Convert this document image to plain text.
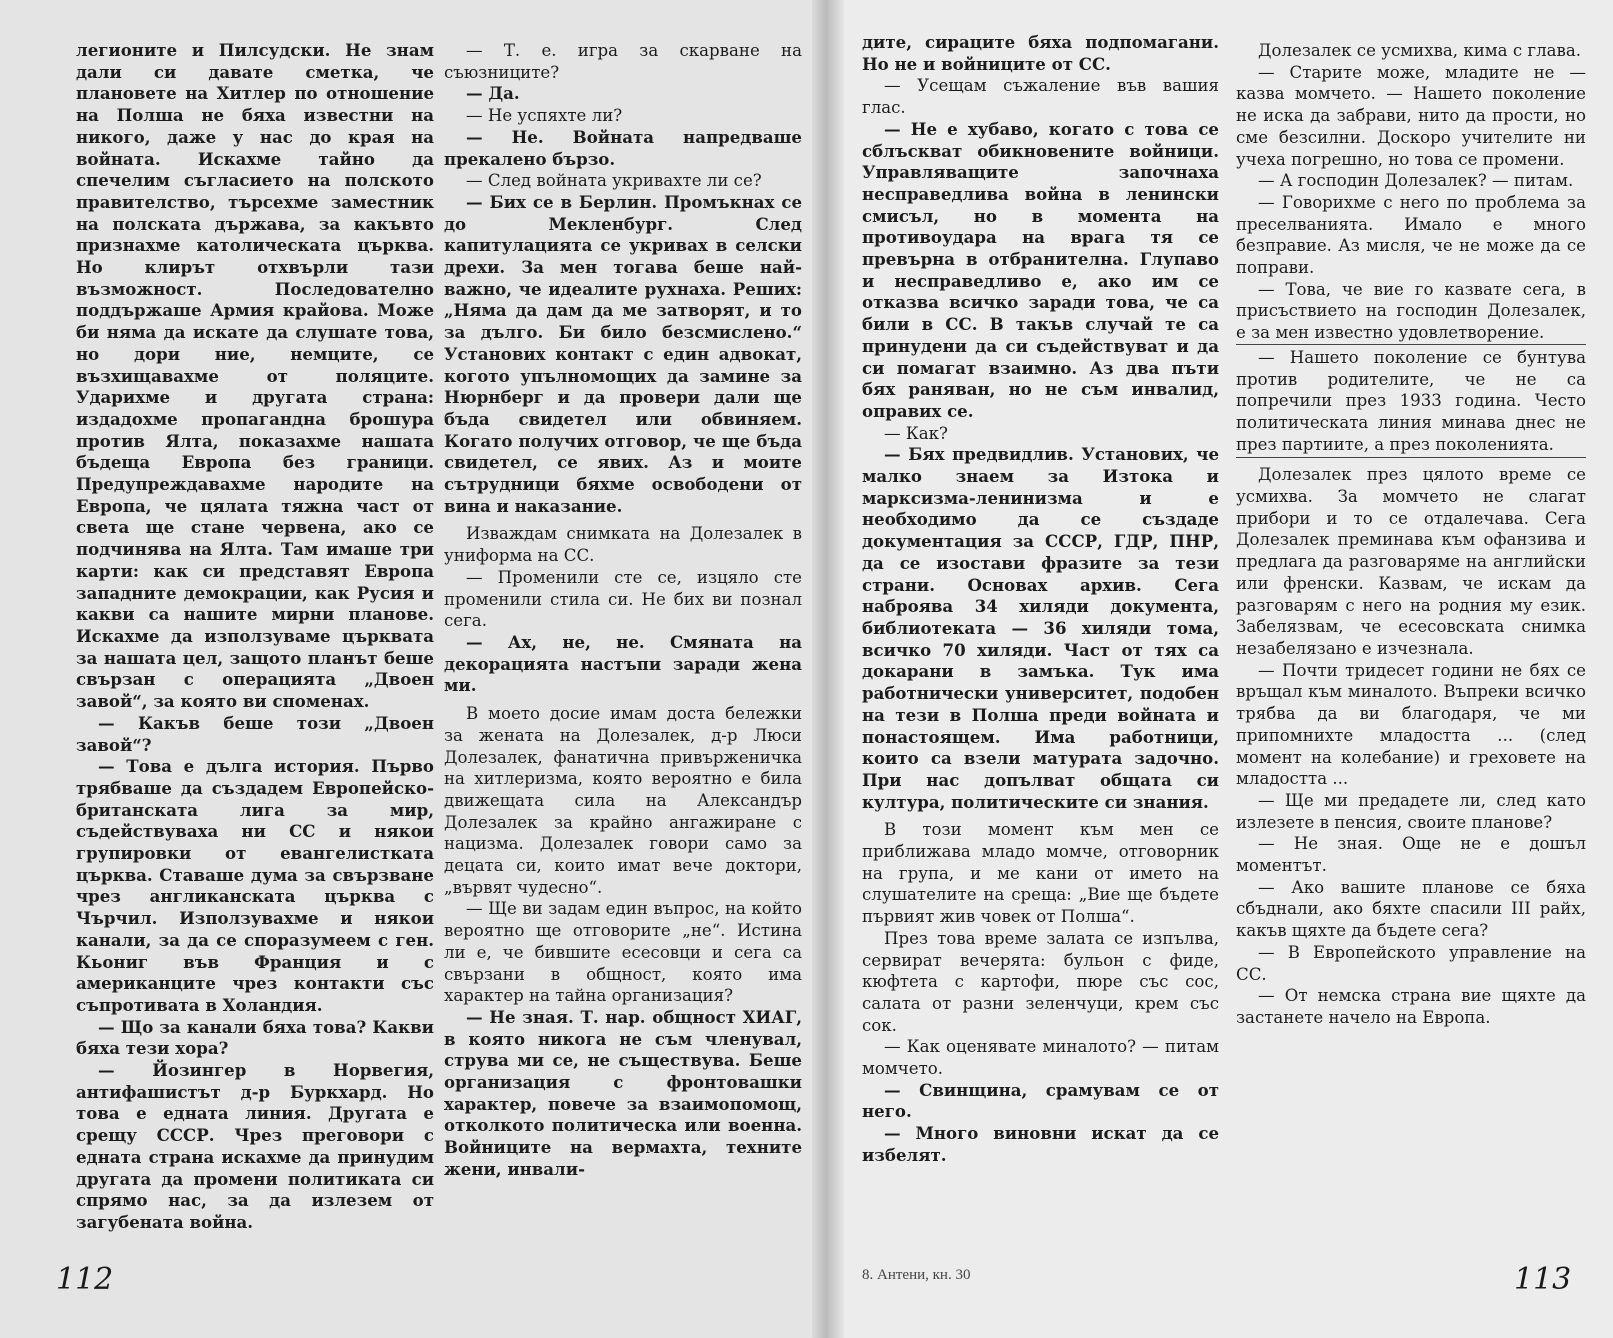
легионите и Пилсудски. Не знам дали си давате сметка, че плановете на Хитлер по отношение на Полша не бяха известни на никого, даже у нас до края на войната. Искахме тайно да спечелим съгласието на полското правителство, търсехме заместник на полската държава, за какъвто признахме католическата църква. Но клирът отхвърли тази възможност. Последователно поддържаше Армия крайова. Може би няма да искате да слушате това, но дори ние, немците, се възхищавахме от поляците. Ударихме и другата страна: издадохме пропагандна брошура против Ялта, показахме нашата бъдеща Европа без граници. Предупреждавахме народите на Европа, че цялата тяжна част от света ще стане червена, ако се подчинява на Ялта. Там имаше три карти: как си представят Европа западните демокрации, как Русия и какви са нашите мирни планове. Искахме да използуваме църквата за нашата цел, защото планът беше свързан с операцията „Двоен завой“, за която ви споменах.

— Какъв беше този „Двоен завой“?

— Това е дълга история. Първо трябваше да създадем Европейско-британската лига за мир, съдействуваха ни СС и някои групировки от евангелистката църква. Ставаше дума за свързване чрез англиканската църква с Чърчил. Използувахме и някои канали, за да се споразумеем с ген. Кьониг във Франция и с американците чрез контакти със съпротивата в Холандия.

— Що за канали бяха това? Какви бяха тези хора?

— Йозингер в Норвегия, антифашистът д-р Буркхард. Но това е едната линия. Другата е срещу СССР. Чрез преговори с едната страна искахме да принудим другата да промени политиката си спрямо нас, за да излезем от загубената война.

— Т. е. игра за скарване на съюзниците?

— Да.

— Не успяхте ли?

— Не. Войната напредваше прекалено бързо.

— След войната укривахте ли се?

— Бих се в Берлин. Промъкнах се до Мекленбург. След капитулацията се укривах в селски дрехи. За мен тогава беше най-важно, че идеалите рухнаха. Реших: „Няма да дам да ме затворят, и то за дълго. Би било безсмислено.“ Установих контакт с един адвокат, когото упълномощих да замине за Нюрнберг и да провери дали ще бъда свидетел или обвиняем. Когато получих отговор, че ще бъда свидетел, се явих. Аз и моите сътрудници бяхме освободени от вина и наказание.

Изваждам снимката на Долезалек в униформа на СС.

— Променили сте се, изцяло сте променили стила си. Не бих ви познал сега.

— Ах, не, не. Смяната на декорацията настъпи заради жена ми.

В моето досие имам доста бележки за жената на Долезалек, д-р Люси Долезалек, фанатична привърженичка на хитлеризма, която вероятно е била движещата сила на Александър Долезалек за крайно ангажиране с нацизма. Долезалек говори само за децата си, които имат вече доктори, „вървят чудесно“.

— Ще ви задам един въпрос, на който вероятно ще отговорите „не“. Истина ли е, че бившите есесовци и сега са свързани в общност, която има характер на тайна организация?

— Не зная. Т. нар. общност ХИАГ, в която никогa не съм членувал, струва ми се, не съществува. Беше организация с фронтовашки характер, повече за взаимопомощ, отколкото политическа или военна. Войниците на вермахта, техните жени, инвали-

дите, сираците бяха подпомагани. Но не и войниците от СС.

— Усещам съжаление във вашия глас.

— Не е хубаво, когато с това се сблъскват обикновените войници. Управляващите започнаха несправедлива война в ленински смисъл, но в момента на противоудара на врага тя се превърна в отбранителна. Глупаво и несправедливо е, ако им се отказва всичко заради това, че са били в СС. В такъв случай те са принудени да си съдействуват и да си помагат взаимно. Аз два пъти бях раняван, но не съм инвалид, оправих се.

— Как?

— Бях предвидлив. Установих, че малко знаем за Изтока и марксизма-ленинизма и е необходимо да се създаде документация за СССР, ГДР, ПНР, да се изостави фразите за тези страни. Основах архив. Сега наброява 34 хиляди документа, библиотеката — 36 хиляди тома, всичко 70 хиляди. Част от тях са докарани в замъка. Тук има работнически университет, подобен на тези в Полша преди войната и понастоящем. Има работници, които са взели матурата задочно. При нас допълват общата си култура, политическите си знания.

В този момент към мен се приближава младо момче, отговорник на група, и ме кани от името на слушателите на среща: „Вие ще бъдете първият жив човек от Полша“.

През това време залата се изпълва, сервират вечерята: бульон с фиде, кюфтета с картофи, пюре със сос, салата от разни зеленчуци, крем със сок.

— Как оценявате миналото? — питам момчето.

— Свинщина, срамувам се от него.

— Много виновни искат да се избелят.

Долезалек се усмихва, кима с глава.

— Старите може, младите не — казва момчето. — Нашето поколение не иска да забрави, нито да прости, но сме безсилни. Доскоро учителите ни учеха погрешно, но това се промени.

— А господин Долезалек? — питам.

— Говорихме с него по проблема за преселванията. Имало е много безправие. Аз мисля, че не може да се поправи.

— Това, че вие го казвате сега, в присъствието на господин Долезалек, е за мен известно удовлетворение.

— Нашето поколение се бунтува против родителите, че не са попречили през 1933 година. Често политическата линия минава днес не през партиите, а през поколенията.

Долезалек през цялото време се усмихва. За момчето не слагат прибори и то се отдалечава. Сега Долезалек преминава към офанзива и предлага да разговаряме на английски или френски. Казвам, че искам да разговарям с него на родния му език. Забелязвам, че есесовската снимка незабелязано е изчезнала.

— Почти тридесет години не бях се връщал към миналото. Въпреки всичко трябва да ви благодаря, че ми припомнихте младостта ... (след момент на колебание) и греховете на младостта ...

— Ще ми предадете ли, след като излезете в пенсия, своите планове?

— Не зная. Още не е дошъл моментът.

— Ако вашите планове се бяха сбъднали, ако бяхте спасили III райх, какъв щяхте да бъдете сега?

— В Европейското управление на СС.

— От немска страна вие щяхте да застанете начело на Европа.

112	8. Антени, кн. 30	113
